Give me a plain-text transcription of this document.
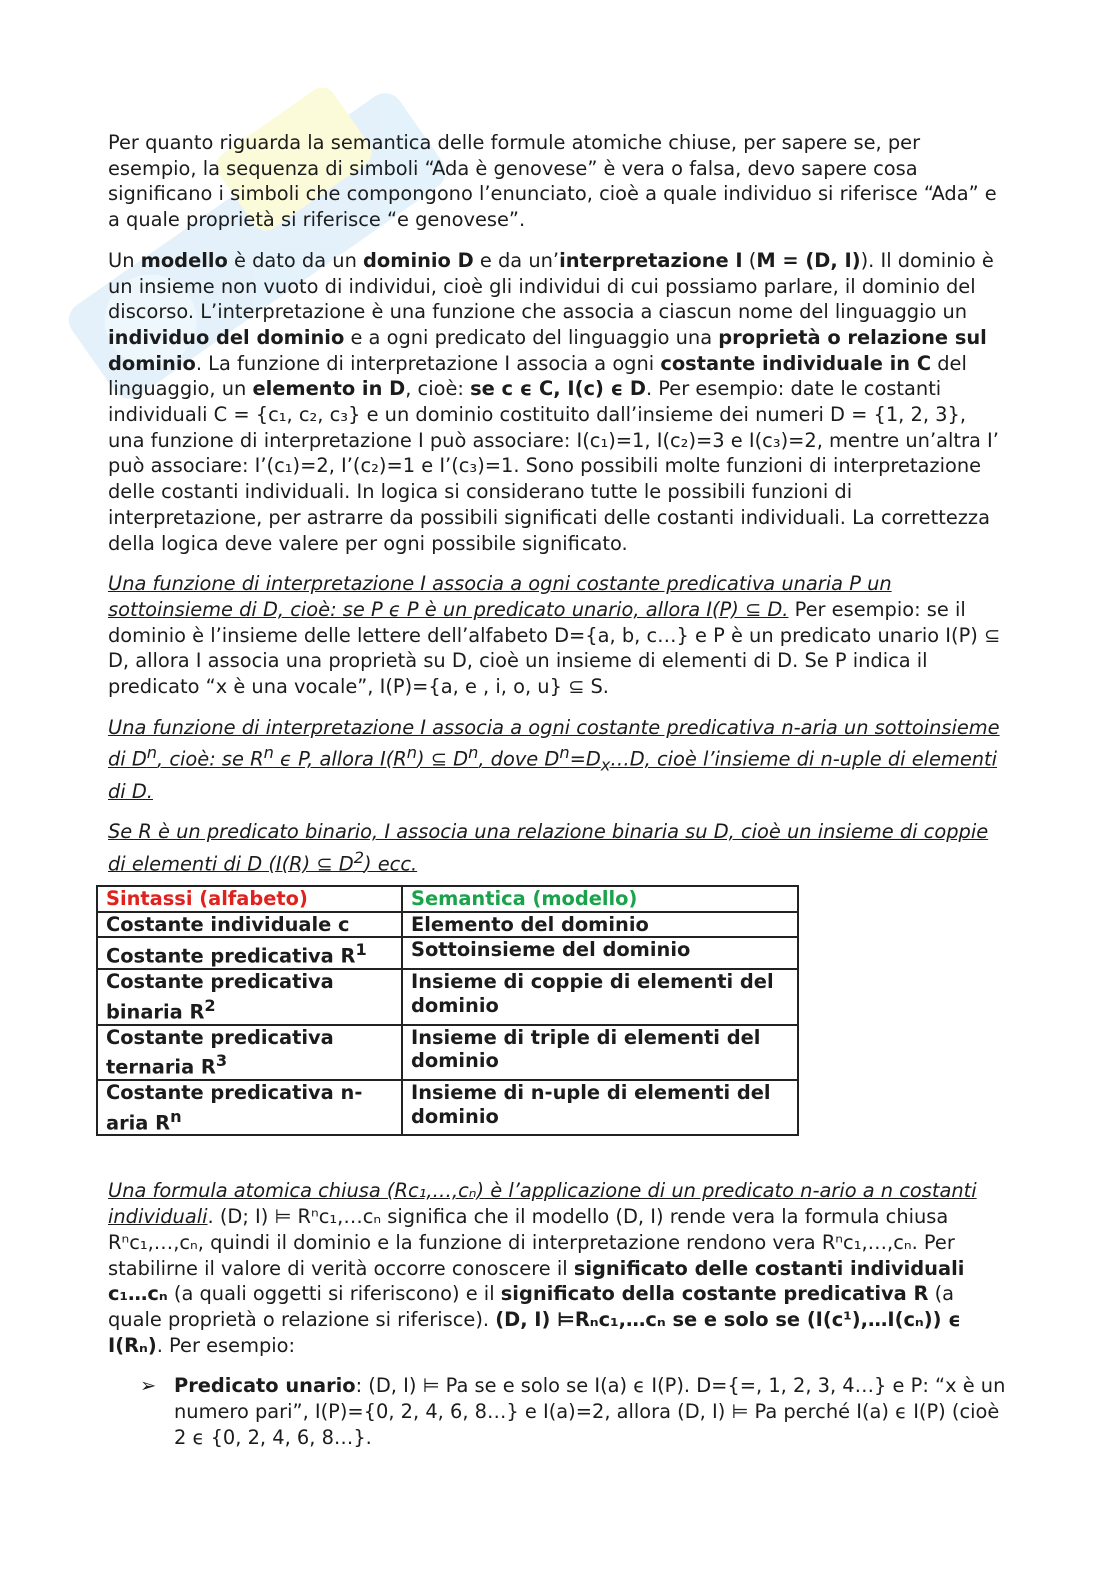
Per quanto riguarda la semantica delle formule atomiche chiuse, per sapere se, per esempio, la sequenza di simboli “Ada è genovese” è vera o falsa, devo sapere cosa significano i simboli che compongono l’enunciato, cioè a quale individuo si riferisce “Ada” e a quale proprietà si riferisce “e genovese”.

Un modello è dato da un dominio D e da un’interpretazione I (M = (D, I)). Il dominio è un insieme non vuoto di individui, cioè gli individui di cui possiamo parlare, il dominio del discorso. L’interpretazione è una funzione che associa a ciascun nome del linguaggio un individuo del dominio e a ogni predicato del linguaggio una proprietà o relazione sul dominio. La funzione di interpretazione I associa a ogni costante individuale in C del linguaggio, un elemento in D, cioè: se c ϵ C, I(c) ϵ D. Per esempio: date le costanti individuali C = {c₁, c₂, c₃} e un dominio costituito dall’insieme dei numeri D = {1, 2, 3}, una funzione di interpretazione I può associare: I(c₁)=1, I(c₂)=3 e I(c₃)=2, mentre un’altra I’ può associare: I’(c₁)=2, I’(c₂)=1 e I’(c₃)=1. Sono possibili molte funzioni di interpretazione delle costanti individuali. In logica si considerano tutte le possibili funzioni di interpretazione, per astrarre da possibili significati delle costanti individuali. La correttezza della logica deve valere per ogni possibile significato.

Una funzione di interpretazione I associa a ogni costante predicativa unaria P un sottoinsieme di D, cioè: se P ϵ P è un predicato unario, allora I(P) ⊆ D. Per esempio: se il dominio è l’insieme delle lettere dell’alfabeto D={a, b, c…} e P è un predicato unario I(P) ⊆ D, allora I associa una proprietà su D, cioè un insieme di elementi di D. Se P indica il predicato “x è una vocale”, I(P)={a, e , i, o, u} ⊆ S.

Una funzione di interpretazione I associa a ogni costante predicativa n-aria un sottoinsieme di $D^n$, cioè: se $R^n$ ϵ P, allora $I(R^n)$ ⊆ $D^n$, dove $D^n=D_x\dots D$, cioè l’insieme di n-uple di elementi di D.

Se R è un predicato binario, I associa una relazione binaria su D, cioè un insieme di coppie di elementi di D (I(R) ⊆ $D^2$) ecc.

Sintassi (alfabeto)	Semantica (modello)
Costante individuale c	Elemento del dominio
Costante predicativa $R^1$	Sottoinsieme del dominio
Costante predicativa binaria $R^2$	Insieme di coppie di elementi del dominio
Costante predicativa ternaria $R^3$	Insieme di triple di elementi del dominio
Costante predicativa n-aria $R^n$	Insieme di n-uple di elementi del dominio

Una formula atomica chiusa (Rc₁,…,cₙ) è l’applicazione di un predicato n-ario a n costanti individuali. (D; I) ⊨ Rⁿc₁,…cₙ significa che il modello (D, I) rende vera la formula chiusa Rⁿc₁,…,cₙ, quindi il dominio e la funzione di interpretazione rendono vera Rⁿc₁,…,cₙ. Per stabilirne il valore di verità occorre conoscere il significato delle costanti individuali c₁…cₙ (a quali oggetti si riferiscono) e il significato della costante predicativa R (a quale proprietà o relazione si riferisce). (D, I) ⊨Rₙc₁,…cₙ se e solo se (I(c¹),…I(cₙ)) ϵ I(Rₙ). Per esempio:

➢ Predicato unario: (D, I) ⊨ Pa se e solo se I(a) ϵ I(P). D={=, 1, 2, 3, 4…} e P: “x è un numero pari”, I(P)={0, 2, 4, 6, 8…} e I(a)=2, allora (D, I) ⊨ Pa perché I(a) ϵ I(P) (cioè 2 ϵ {0, 2, 4, 6, 8…}.
